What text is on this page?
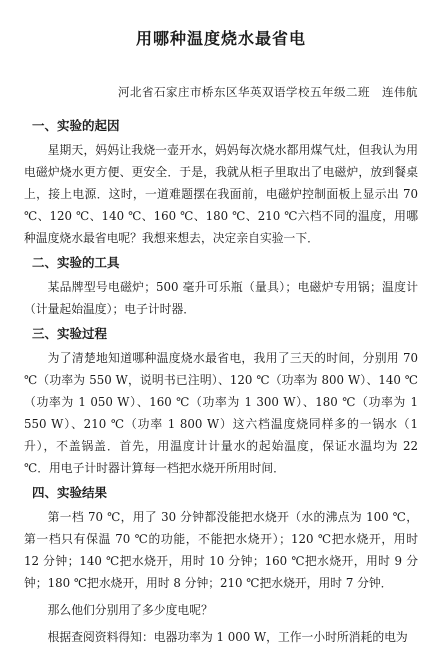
用哪种温度烧水最省电
河北省石家庄市桥东区华英双语学校五年级二班　连伟航
一、实验的起因

星期天，妈妈让我烧一壶开水，妈妈每次烧水都用煤气灶，但我认为用电磁炉烧水更方便、更安全．于是，我就从柜子里取出了电磁炉，放到餐桌上，接上电源．这时，一道难题摆在我面前，电磁炉控制面板上显示出 70 ℃、120 ℃、140 ℃、160 ℃、180 ℃、210 ℃六档不同的温度，用哪种温度烧水最省电呢？我想来想去，决定亲自实验一下．

二、实验的工具

某品牌型号电磁炉；500 毫升可乐瓶（量具）；电磁炉专用锅；温度计（计量起始温度）；电子计时器．

三、实验过程

为了清楚地知道哪种温度烧水最省电，我用了三天的时间，分别用 70 ℃（功率为 550 W，说明书已注明）、120 ℃（功率为 800 W）、140 ℃（功率为 1 050 W）、160 ℃（功率为 1 300 W）、180 ℃（功率为 1 550 W）、210 ℃（功率 1 800 W）这六档温度烧同样多的一锅水（1 升），不盖锅盖．首先，用温度计计量水的起始温度，保证水温均为 22 ℃．用电子计时器计算每一档把水烧开所用时间．

四、实验结果

第一档 70 ℃，用了 30 分钟都没能把水烧开（水的沸点为 100 ℃，第一档只有保温 70 ℃的功能，不能把水烧开）；120 ℃把水烧开，用时 12 分钟；140 ℃把水烧开，用时 10 分钟；160 ℃把水烧开，用时 9 分钟；180 ℃把水烧开，用时 8 分钟；210 ℃把水烧开，用时 7 分钟．

那么他们分别用了多少度电呢？

根据查阅资料得知：电器功率为 1 000 W，工作一小时所消耗的电为
